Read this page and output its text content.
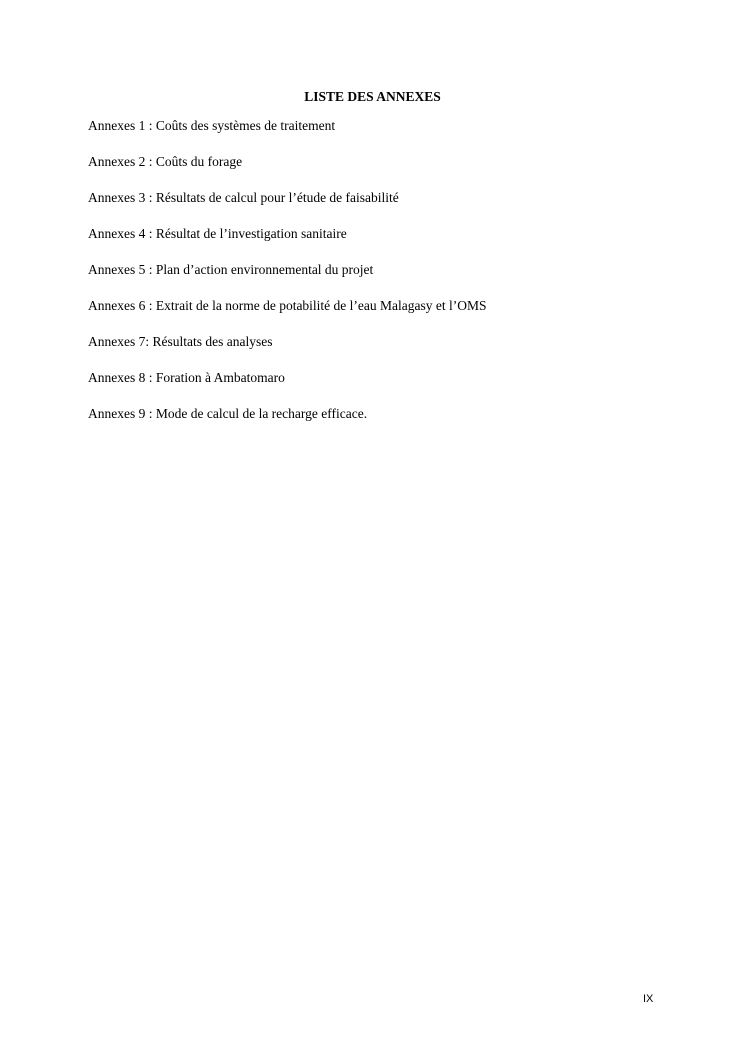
LISTE DES ANNEXES
Annexes 1 : Coûts des systèmes de traitement
Annexes 2 : Coûts du forage
Annexes 3 : Résultats de calcul pour l’étude de faisabilité
Annexes 4 : Résultat de l’investigation sanitaire
Annexes 5 : Plan d’action environnemental du projet
Annexes 6 : Extrait de la norme de potabilité de l’eau Malagasy et l’OMS
Annexes 7: Résultats des analyses
Annexes 8 : Foration à Ambatomaro
Annexes 9 : Mode de calcul de la recharge efficace.
IX
